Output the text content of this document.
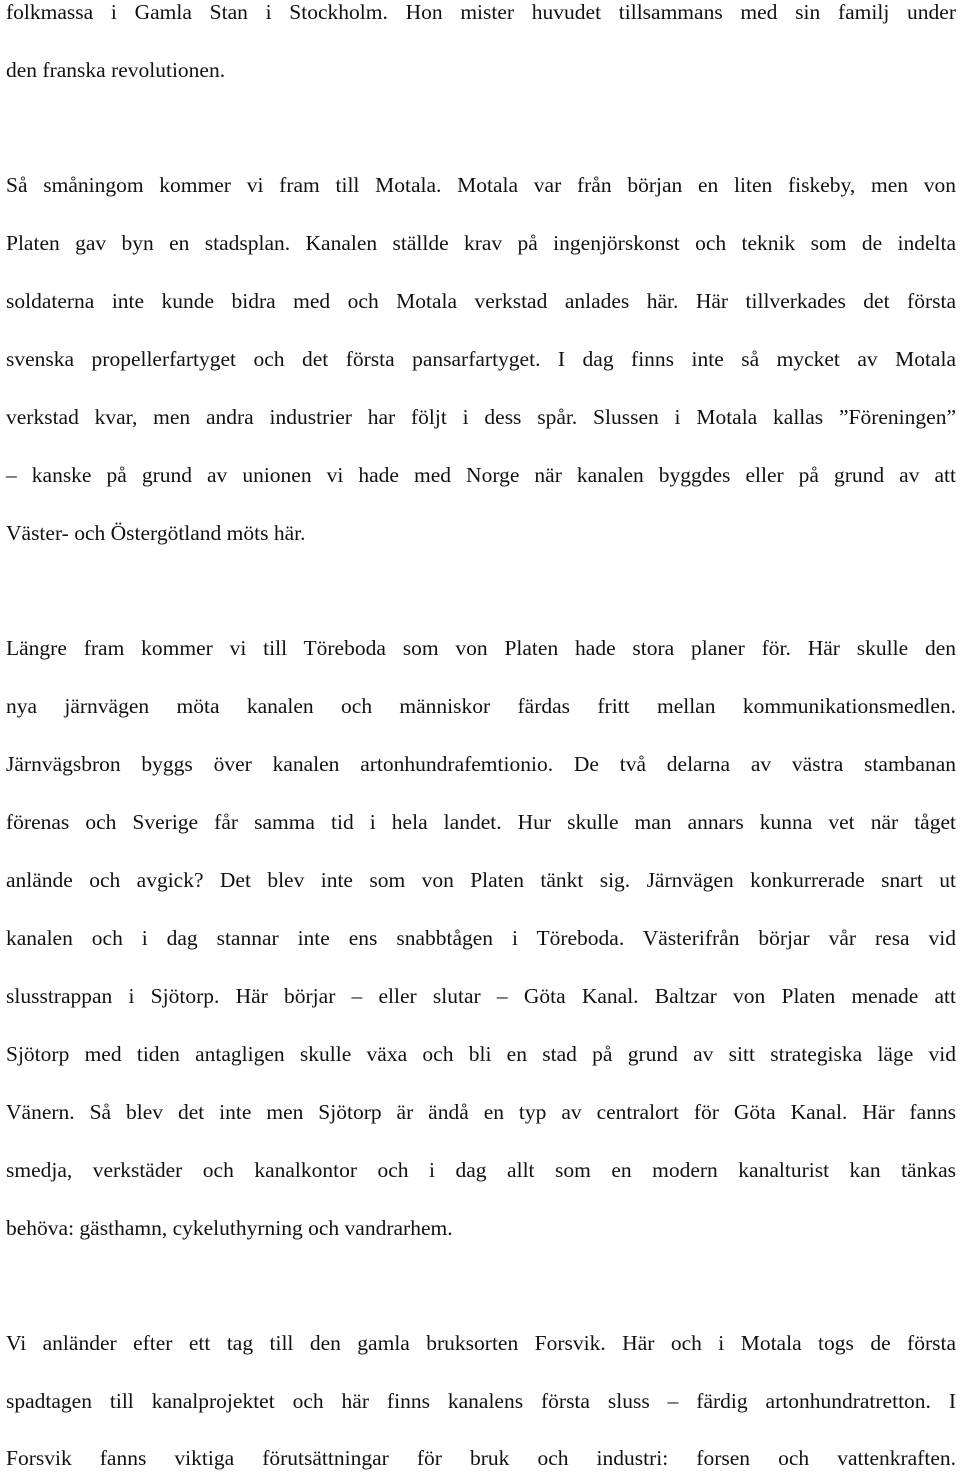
folkmassa i Gamla Stan i Stockholm. Hon mister huvudet tillsammans med sin familj under
den franska revolutionen.
Så småningom kommer vi fram till Motala. Motala var från början en liten fiskeby, men von
Platen gav byn en stadsplan. Kanalen ställde krav på ingenjörskonst och teknik som de indelta
soldaterna inte kunde bidra med och Motala verkstad anlades här. Här tillverkades det första
svenska propellerfartyget och det första pansarfartyget. I dag finns inte så mycket av Motala
verkstad kvar, men andra industrier har följt i dess spår. Slussen i Motala kallas ”Föreningen”
– kanske på grund av unionen vi hade med Norge när kanalen byggdes eller på grund av att
Väster- och Östergötland möts här.
Längre fram kommer vi till Töreboda som von Platen hade stora planer för. Här skulle den
nya järnvägen möta kanalen och människor färdas fritt mellan kommunikationsmedlen.
Järnvägsbron byggs över kanalen artonhundrafemtionio. De två delarna av västra stambanan
förenas och Sverige får samma tid i hela landet. Hur skulle man annars kunna vet när tåget
anlände och avgick? Det blev inte som von Platen tänkt sig. Järnvägen konkurrerade snart ut
kanalen och i dag stannar inte ens snabbtågen i Töreboda. Västerifrån börjar vår resa vid
slusstrappan i Sjötorp. Här börjar – eller slutar – Göta Kanal. Baltzar von Platen menade att
Sjötorp med tiden antagligen skulle växa och bli en stad på grund av sitt strategiska läge vid
Vänern. Så blev det inte men Sjötorp är ändå en typ av centralort för Göta Kanal. Här fanns
smedja, verkstäder och kanalkontor och i dag allt som en modern kanalturist kan tänkas
behöva: gästhamn, cykeluthyrning och vandrarhem.
Vi anländer efter ett tag till den gamla bruksorten Forsvik. Här och i Motala togs de första
spadtagen till kanalprojektet och här finns kanalens första sluss – färdig artonhundratretton. I
Forsvik fanns viktiga förutsättningar för bruk och industri: forsen och vattenkraften.
